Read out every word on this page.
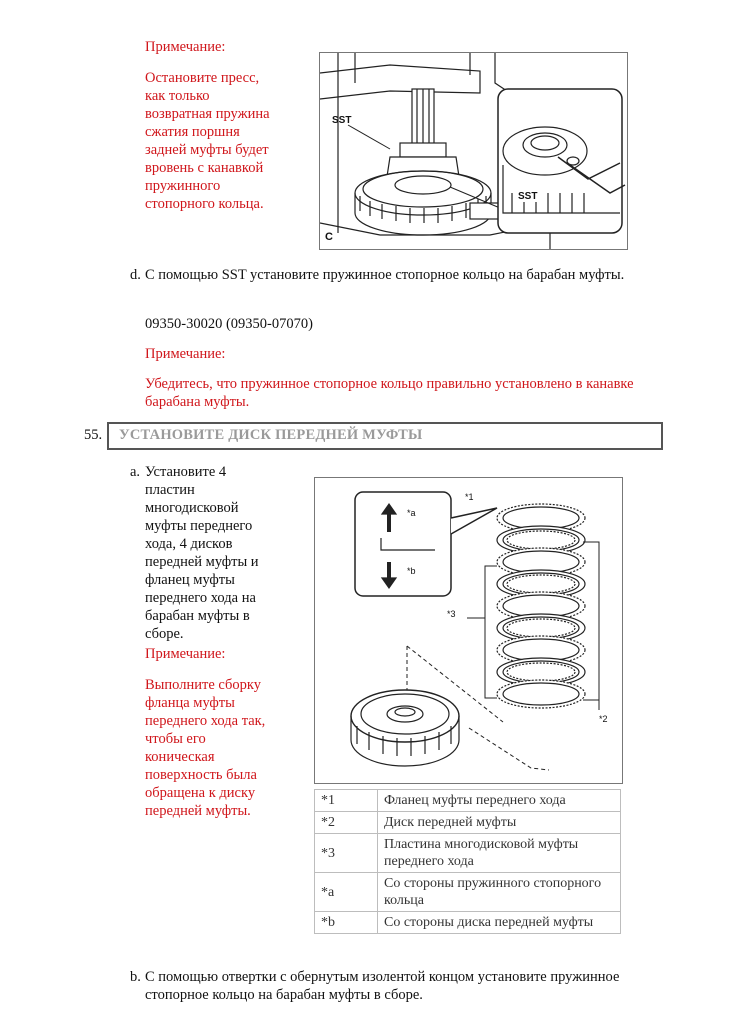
Примечание:
Остановите пресс,
как только
возвратная пружина
сжатия поршня
задней муфты будет
вровень с канавкой
пружинного
стопорного кольца.
SST
SST
C
d. С помощью SST установите пружинное стопорное кольцо на барабан муфты.
09350-30020 (09350-07070)
Примечание:
Убедитесь, что пружинное стопорное кольцо правильно установлено в канавке
барабана муфты.
55. УСТАНОВИТЕ ДИСК ПЕРЕДНЕЙ МУФТЫ
a. Установите 4
пластин
многодисковой
муфты переднего
хода, 4 дисков
передней муфты и
фланец муфты
переднего хода на
барабан муфты в
сборе.
Примечание:
Выполните сборку
фланца муфты
переднего хода так,
чтобы его
коническая
поверхность была
обращена к диску
передней муфты.
*1
*2
*3
*a
*b
*1	Фланец муфты переднего хода

*2	Диск передней муфты

*3	Пластина многодисковой муфты
переднего хода

*a	Со стороны пружинного стопорного
кольца

*b	Со стороны диска передней муфты
b. С помощью отвертки с обернутым изолентой концом установите пружинное
стопорное кольцо на барабан муфты в сборе.
